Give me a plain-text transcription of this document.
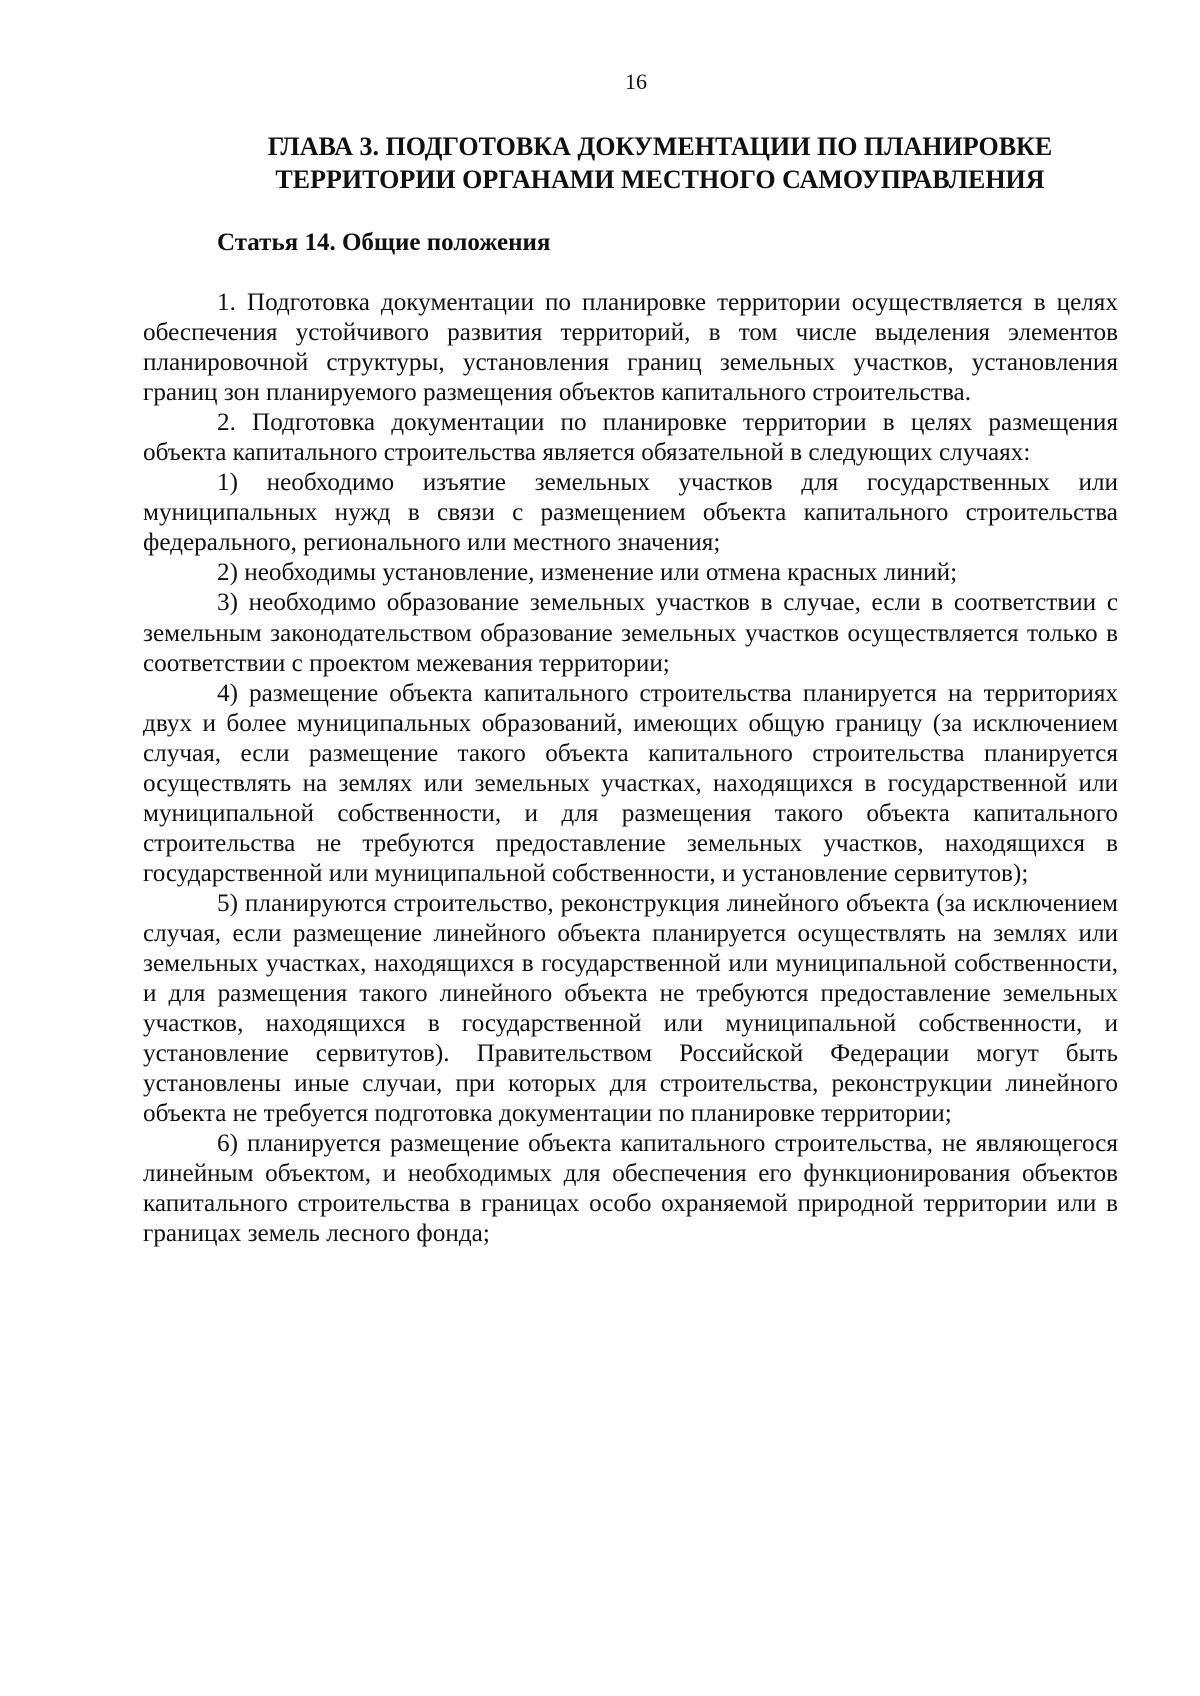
16
ГЛАВА 3. ПОДГОТОВКА ДОКУМЕНТАЦИИ ПО ПЛАНИРОВКЕ
ТЕРРИТОРИИ ОРГАНАМИ МЕСТНОГО САМОУПРАВЛЕНИЯ
Статья 14. Общие положения

1. Подготовка документации по планировке территории осуществляется в целях обеспечения устойчивого развития территорий, в том числе выделения элементов планировочной структуры, установления границ земельных участков, установления границ зон планируемого размещения объектов капитального строительства.

2. Подготовка документации по планировке территории в целях размещения объекта капитального строительства является обязательной в следующих случаях:

1) необходимо изъятие земельных участков для государственных или муниципальных нужд в связи с размещением объекта капитального строительства федерального, регионального или местного значения;

2) необходимы установление, изменение или отмена красных линий;

3) необходимо образование земельных участков в случае, если в соответствии с земельным законодательством образование земельных участков осуществляется только в соответствии с проектом межевания территории;

4) размещение объекта капитального строительства планируется на территориях двух и более муниципальных образований, имеющих общую границу (за исключением случая, если размещение такого объекта капитального строительства планируется осуществлять на землях или земельных участках, находящихся в государственной или муниципальной собственности, и для размещения такого объекта капитального строительства не требуются предоставление земельных участков, находящихся в государственной или муниципальной собственности, и установление сервитутов);

5) планируются строительство, реконструкция линейного объекта (за исключением случая, если размещение линейного объекта планируется осуществлять на землях или земельных участках, находящихся в государственной или муниципальной собственности, и для размещения такого линейного объекта не требуются предоставление земельных участков, находящихся в государственной или муниципальной собственности, и установление сервитутов). Правительством Российской Федерации могут быть установлены иные случаи, при которых для строительства, реконструкции линейного объекта не требуется подготовка документации по планировке территории;

6) планируется размещение объекта капитального строительства, не являющегося линейным объектом, и необходимых для обеспечения его функционирования объектов капитального строительства в границах особо охраняемой природной территории или в границах земель лесного фонда;
